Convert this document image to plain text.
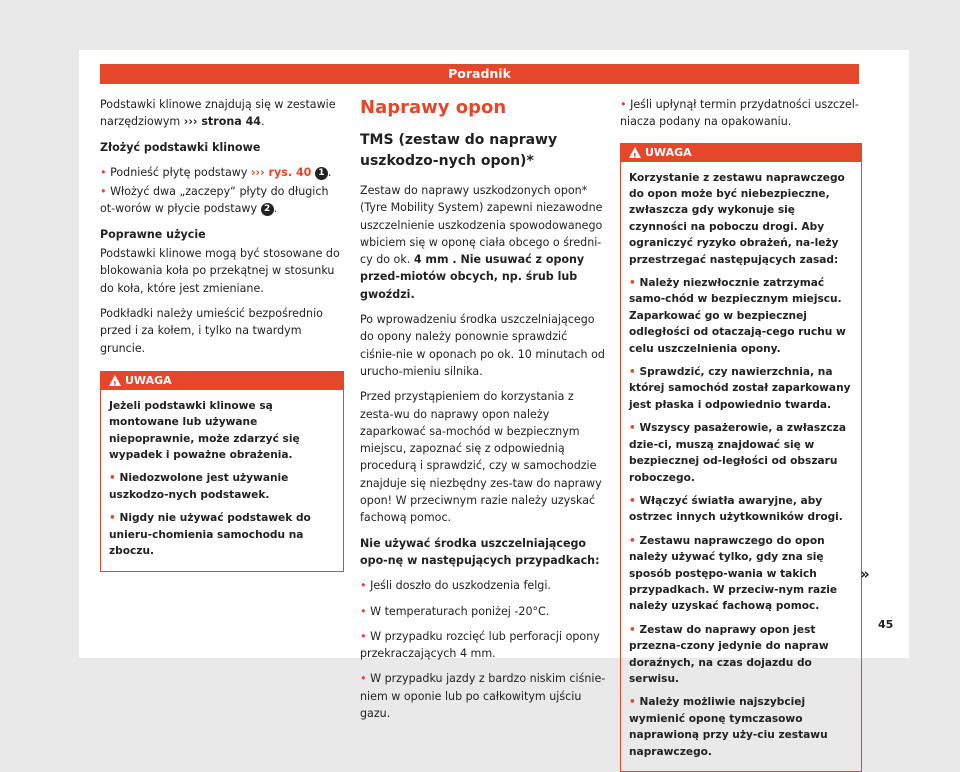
Poradnik

Podstawki klinowe znajdują się w zestawie narzędziowym ››› strona 44.

Złożyć podstawki klinowe

• Podnieść płytę podstawy ››› rys. 40 1 .

• Włożyć dwa „zaczepy“ płyty do długich ot-worów w płycie podstawy 2 .

Poprawne użycie

Podstawki klinowe mogą być stosowane do blokowania koła po przekątnej w stosunku do koła, które jest zmieniane.

Podkładki należy umieścić bezpośrednio przed i za kołem, i tylko na twardym gruncie.

!
UWAGA

Jeżeli podstawki klinowe są montowane lub używane niepoprawnie, może zdarzyć się wypadek i poważne obrażenia.

• Niedozwolone jest używanie uszkodzo-nych podstawek.

• Nigdy nie używać podstawek do unieru-chomienia samochodu na zboczu.

Naprawy opon
TMS (zestaw do naprawy uszkodzo-nych opon)*

Zestaw do naprawy uszkodzonych opon* (Tyre Mobility System) zapewni niezawodne uszczelnienie uszkodzenia spowodowanego wbiciem się w oponę ciała obcego o średni-cy do ok. 4 mm . Nie usuwać z opony przed-miotów obcych, np. śrub lub gwoździ.

Po wprowadzeniu środka uszczelniającego do opony należy ponownie sprawdzić ciśnie-nie w oponach po ok. 10 minutach od urucho-mieniu silnika.

Przed przystąpieniem do korzystania z zesta-wu do naprawy opon należy zaparkować sa-mochód w bezpiecznym miejscu, zapoznać się z odpowiednią procedurą i sprawdzić, czy w samochodzie znajduje się niezbędny zes-taw do naprawy opon! W przeciwnym razie należy uzyskać fachową pomoc.

Nie używać środka uszczelniającego opo-nę w następujących przypadkach:

• Jeśli doszło do uszkodzenia felgi.

• W temperaturach poniżej -20°C.

• W przypadku rozcięć lub perforacji opony przekraczających 4 mm.

• W przypadku jazdy z bardzo niskim ciśnie-niem w oponie lub po całkowitym ujściu gazu.

• Jeśli upłynął termin przydatności uszczel-niacza podany na opakowaniu.

!
UWAGA

Korzystanie z zestawu naprawczego do opon może być niebezpieczne, zwłaszcza gdy wykonuje się czynności na poboczu drogi. Aby ograniczyć ryzyko obrażeń, na-leży przestrzegać następujących zasad:

• Należy niezwłocznie zatrzymać samo-chód w bezpiecznym miejscu. Zaparkować go w bezpiecznej odległości od otaczają-cego ruchu w celu uszczelnienia opony.

• Sprawdzić, czy nawierzchnia, na której samochód został zaparkowany jest płaska i odpowiednio twarda.

• Wszyscy pasażerowie, a zwłaszcza dzie-ci, muszą znajdować się w bezpiecznej od-ległości od obszaru roboczego.

• Włączyć światła awaryjne, aby ostrzec innych użytkowników drogi.

• Zestawu naprawczego do opon należy używać tylko, gdy zna się sposób postępo-wania w takich przypadkach. W przeciw-nym razie należy uzyskać fachową pomoc.

• Zestaw do naprawy opon jest przezna-czony jedynie do napraw doraźnych, na czas dojazdu do serwisu.

• Należy możliwie najszybciej wymienić oponę tymczasowo naprawioną przy uży-ciu zestawu naprawczego.

»
45
